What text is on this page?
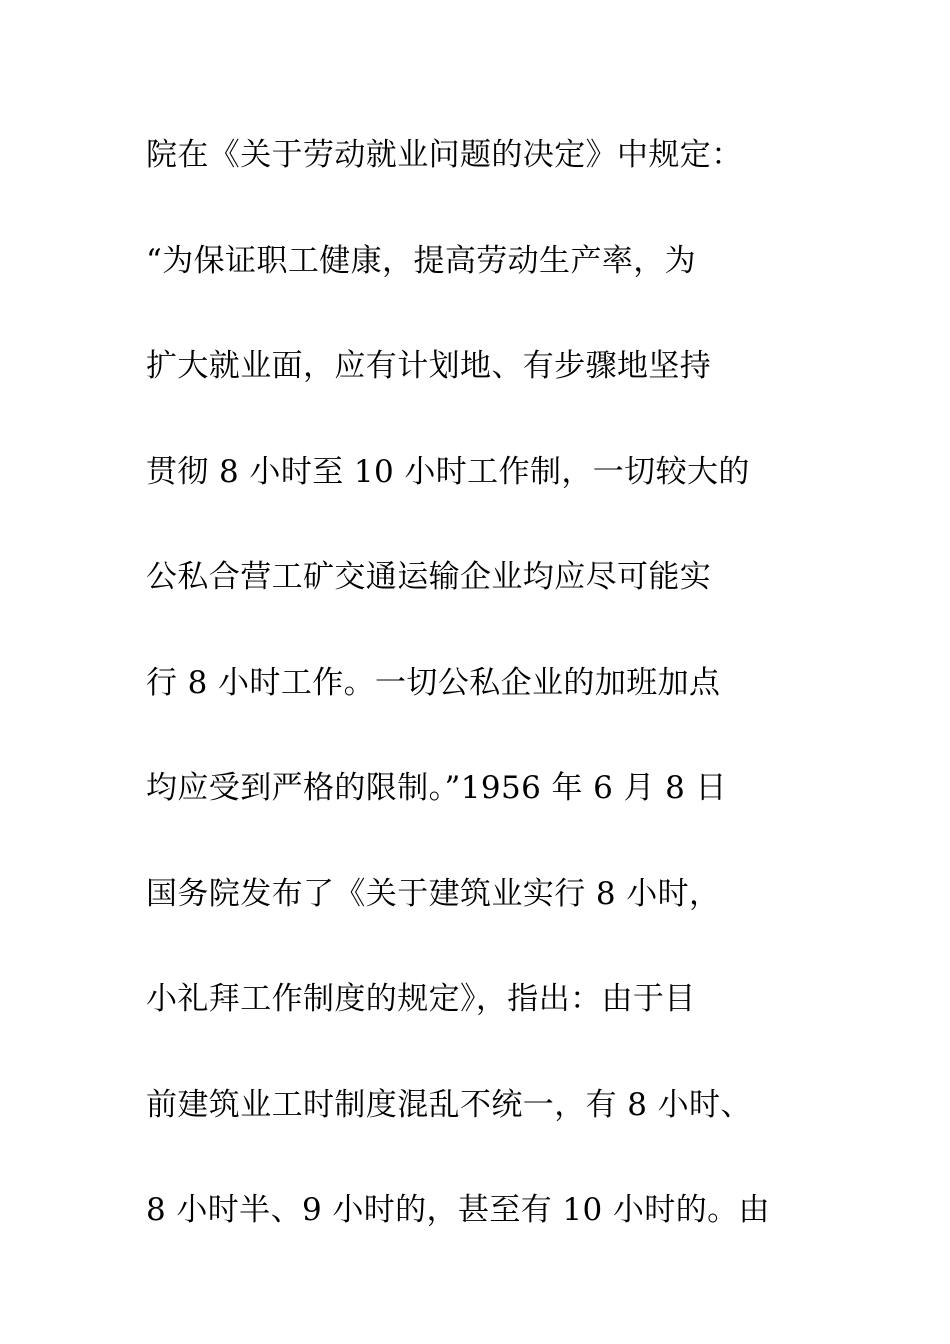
院在《关于劳动就业问题的决定》中规定：
“为保证职工健康，提高劳动生产率，为
扩大就业面，应有计划地、有步骤地坚持
贯彻 8 小时至 10 小时工作制，一切较大的
公私合营工矿交通运输企业均应尽可能实
行 8 小时工作。一切公私企业的加班加点
均应受到严格的限制。”1956 年 6 月 8 日
国务院发布了《关于建筑业实行 8 小时，
小礼拜工作制度的规定》，指出：由于目
前建筑业工时制度混乱不统一，有 8 小时、
8 小时半、9 小时的，甚至有 10 小时的。由
